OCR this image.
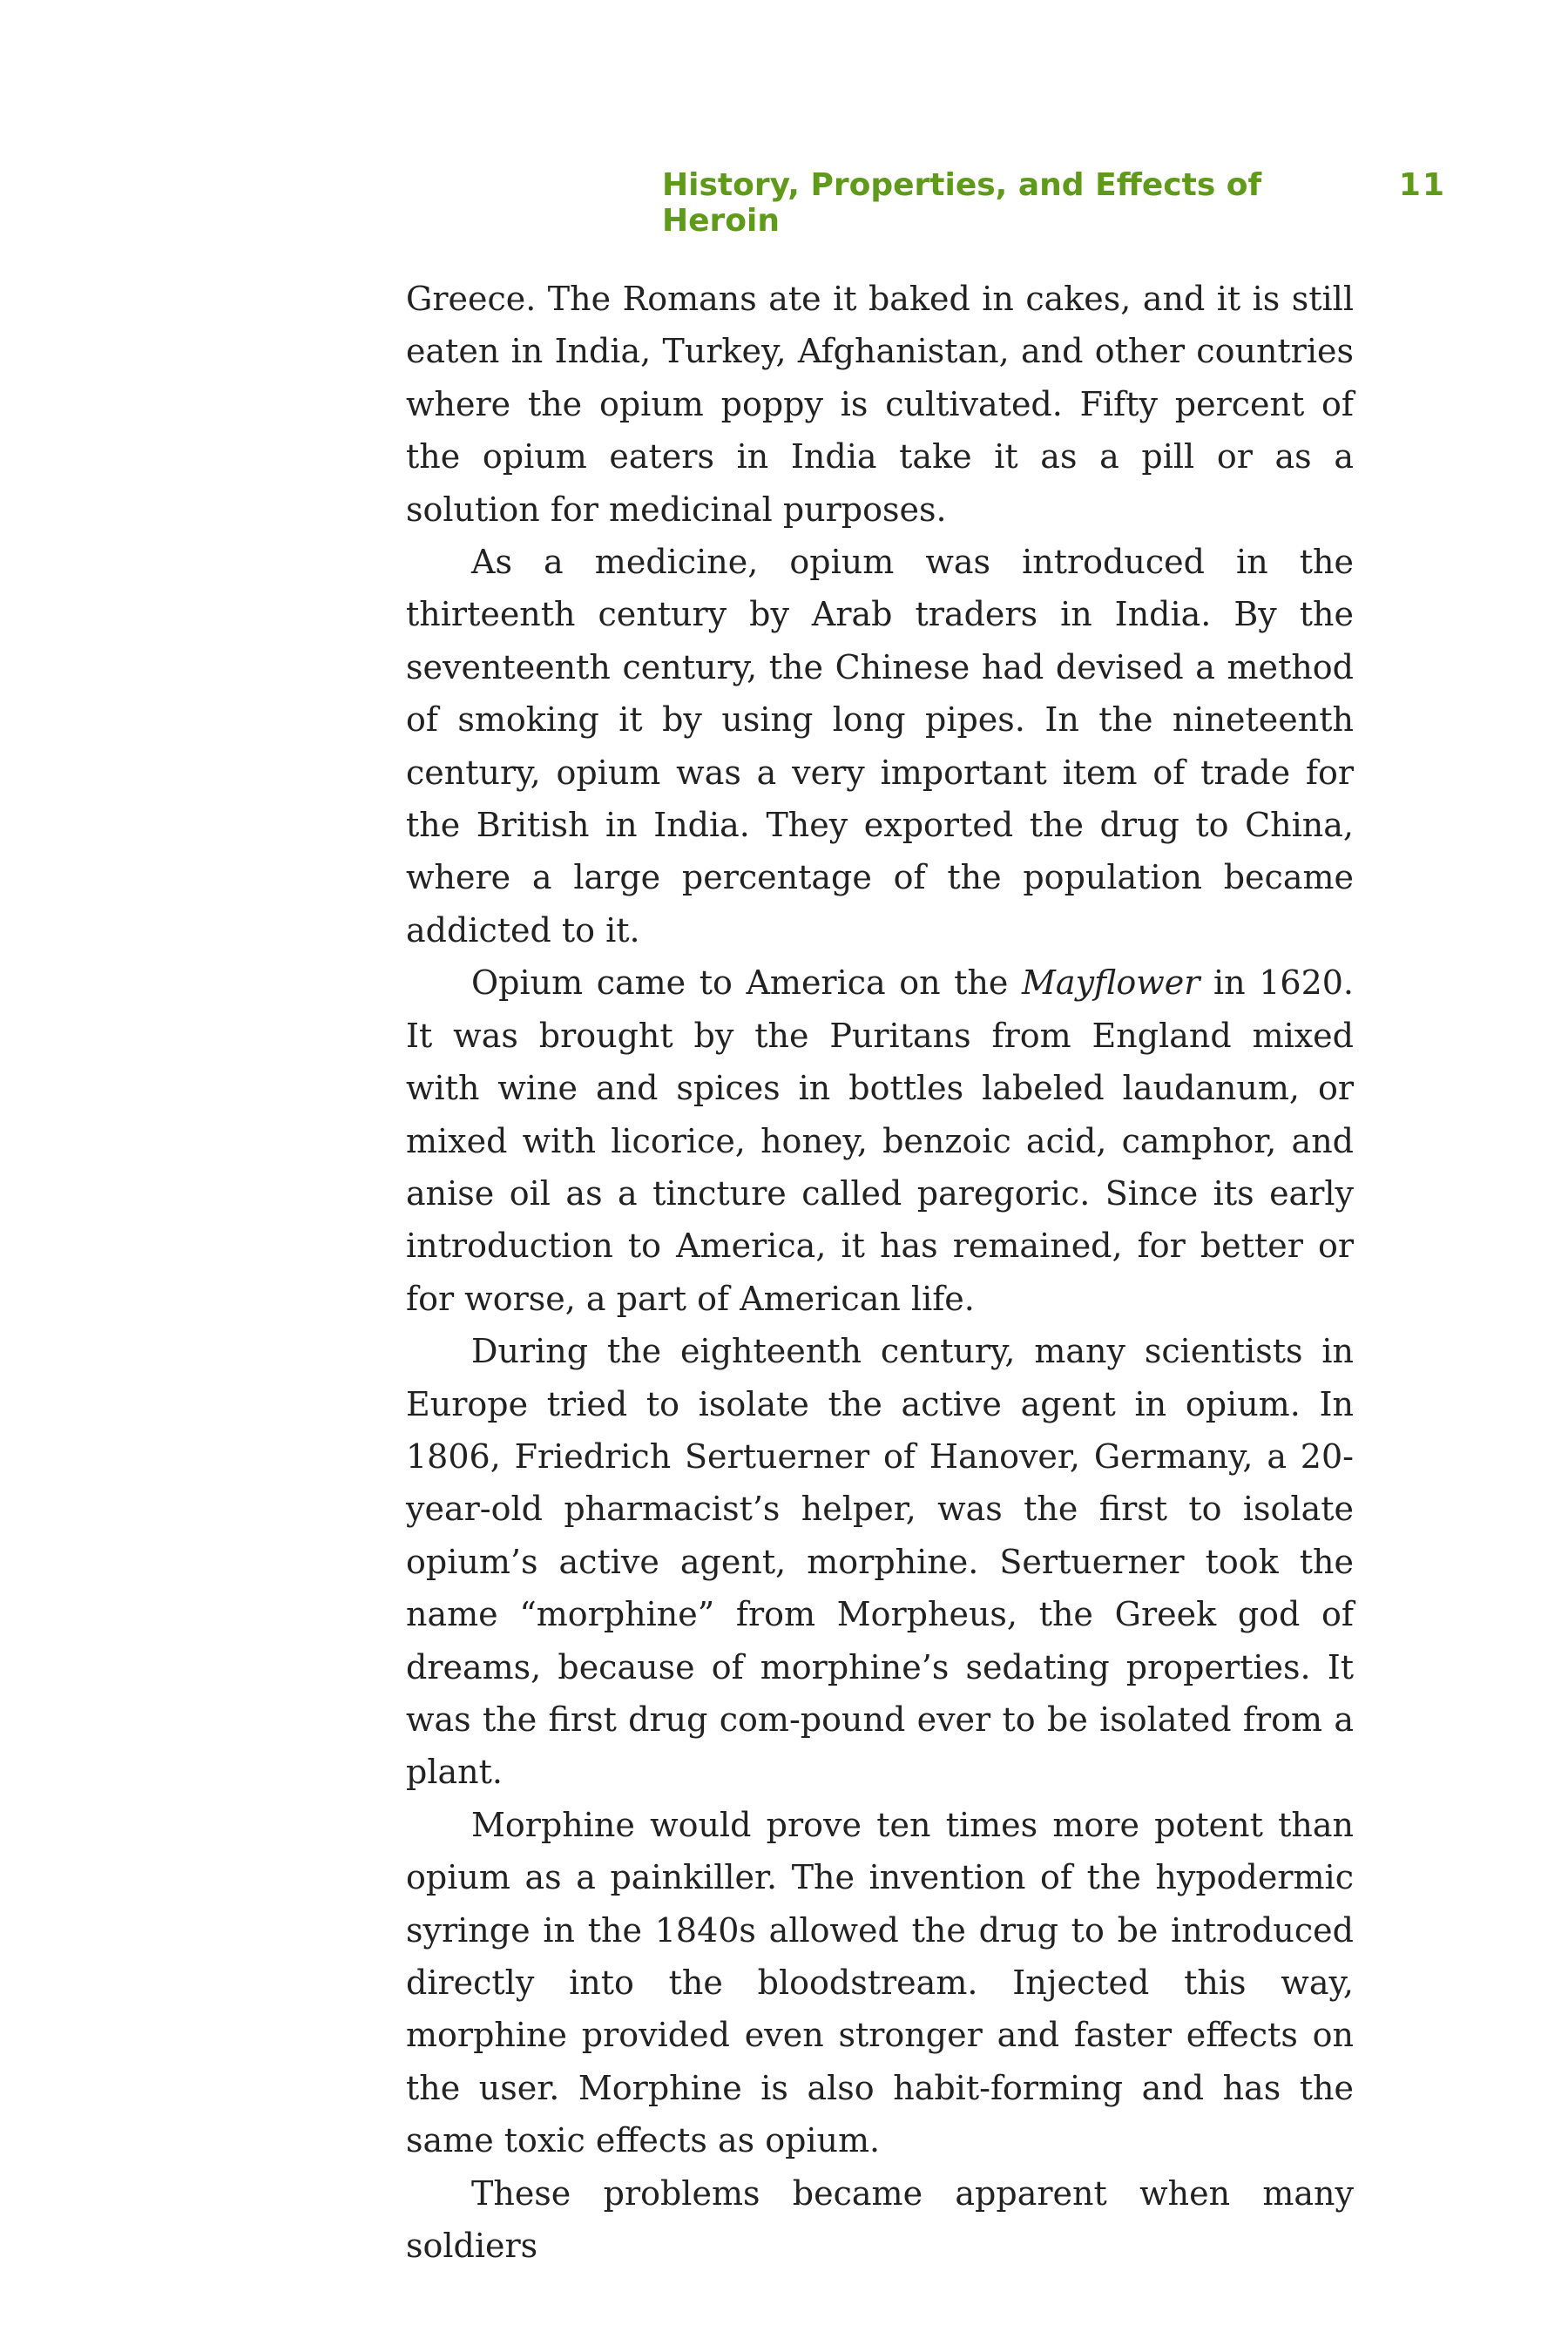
History, Properties, and Effects of Heroin
11

Greece. The Romans ate it baked in cakes, and it is still eaten in India, Turkey, Afghanistan, and other countries where the opium poppy is cultivated. Fifty percent of the opium eaters in India take it as a pill or as a solution for medicinal purposes.

As a medicine, opium was introduced in the thirteenth century by Arab traders in India. By the seventeenth century, the Chinese had devised a method of smoking it by using long pipes. In the nineteenth century, opium was a very important item of trade for the British in India. They exported the drug to China, where a large percentage of the population became addicted to it.

Opium came to America on the Mayflower in 1620. It was brought by the Puritans from England mixed with wine and spices in bottles labeled laudanum, or mixed with licorice, honey, benzoic acid, camphor, and anise oil as a tincture called paregoric. Since its early introduction to America, it has remained, for better or for worse, a part of American life.

During the eighteenth century, many scientists in Europe tried to isolate the active agent in opium. In 1806, Friedrich Sertuerner of Hanover, Germany, a 20-year-old pharmacist’s helper, was the first to isolate opium’s active agent, morphine. Sertuerner took the name “morphine” from Morpheus, the Greek god of dreams, because of morphine’s sedating properties. It was the first drug com-pound ever to be isolated from a plant.

Morphine would prove ten times more potent than opium as a painkiller. The invention of the hypodermic syringe in the 1840s allowed the drug to be introduced directly into the bloodstream. Injected this way, morphine provided even stronger and faster effects on the user. Morphine is also habit-forming and has the same toxic effects as opium.

These problems became apparent when many soldiers
